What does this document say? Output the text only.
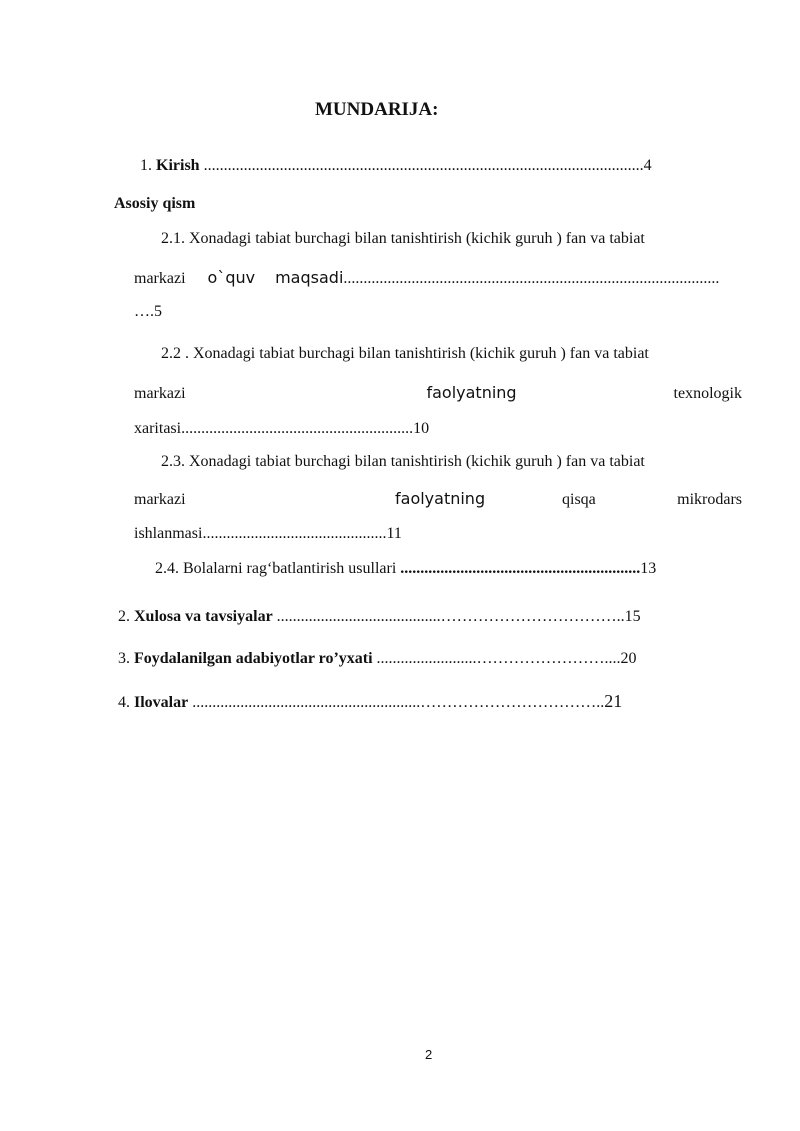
MUNDARIJA:
1. Kirish ..............................................................................................................4
Asosiy qism
2.1. Xonadagi tabiat burchagi bilan tanishtirish (kichik guruh ) fan va tabiat
markazi o`quv maqsadi..............................................................................................
….5
2.2 . Xonadagi tabiat burchagi bilan tanishtirish (kichik guruh ) fan va tabiat
markazi	faolyatning	texnologik
xaritasi..........................................................10
2.3. Xonadagi tabiat burchagi bilan tanishtirish (kichik guruh ) fan va tabiat
markazi	faolyatning	qisqa	mikrodars
ishlanmasi..............................................11
2.4. Bolalarni rag‘batlantirish usullari ............................................................13
2. Xulosa va tavsiyalar .........................................……………………………..15
3. Foydalanilgan adabiyotlar ro’yxati .........................……………………....20
4. Ilovalar .........................................................……………………………..21
2
